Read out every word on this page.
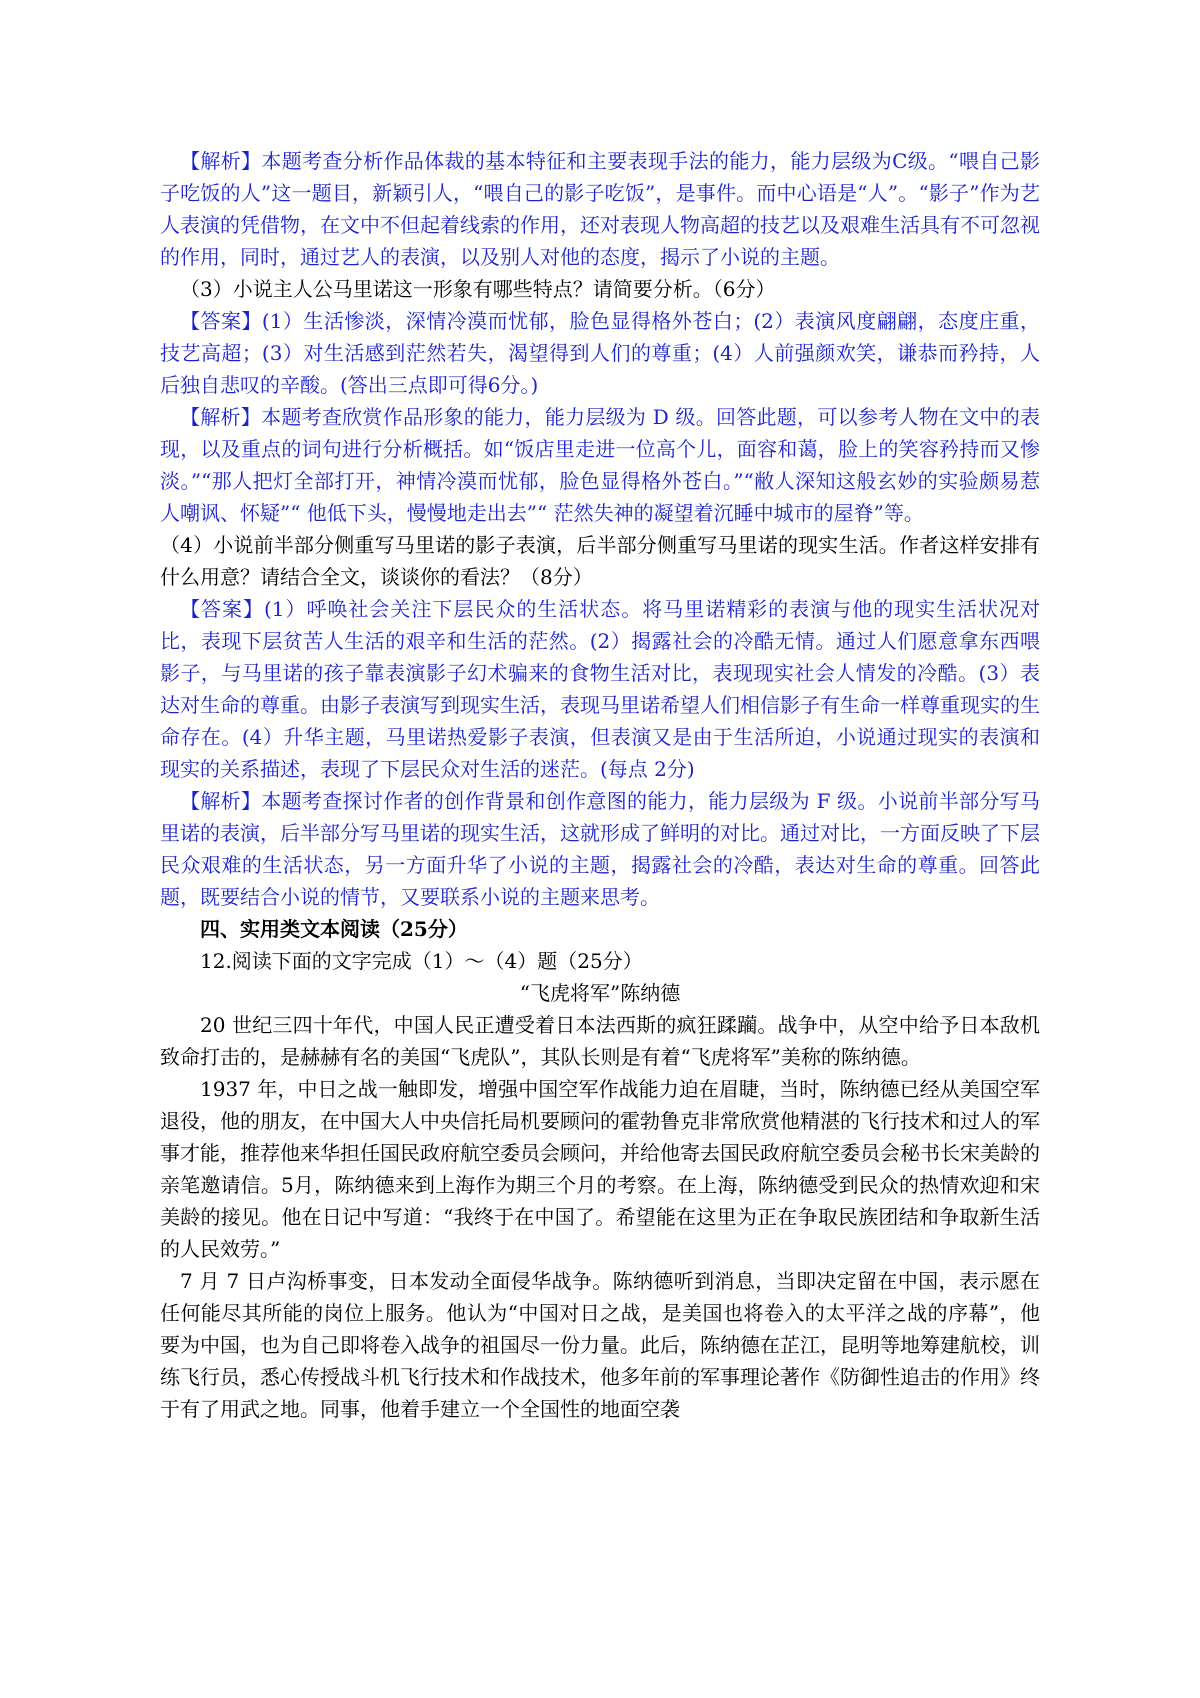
【解析】本题考查分析作品体裁的基本特征和主要表现手法的能力，能力层级为C级。“喂自己影子吃饭的人”这一题目，新颖引人，“喂自己的影子吃饭”，是事件。而中心语是“人”。“影子”作为艺人表演的凭借物，在文中不但起着线索的作用，还对表现人物高超的技艺以及艰难生活具有不可忽视的作用，同时，通过艺人的表演，以及别人对他的态度，揭示了小说的主题。

（3）小说主人公马里诺这一形象有哪些特点？请简要分析。（6分）

【答案】(1）生活惨淡，深情冷漠而忧郁，脸色显得格外苍白；(2）表演风度翩翩，态度庄重，技艺高超；(3）对生活感到茫然若失，渴望得到人们的尊重；(4）人前强颜欢笑，谦恭而矜持，人后独自悲叹的辛酸。(答出三点即可得6分。)

【解析】本题考查欣赏作品形象的能力，能力层级为 D 级。回答此题，可以参考人物在文中的表现，以及重点的词句进行分析概括。如“饭店里走进一位高个儿，面容和蔼，脸上的笑容矜持而又惨淡。”“那人把灯全部打开，神情冷漠而忧郁，脸色显得格外苍白。”“敝人深知这般玄妙的实验颇易惹人嘲讽、怀疑”“ 他低下头，慢慢地走出去”“ 茫然失神的凝望着沉睡中城市的屋脊”等。

（4）小说前半部分侧重写马里诺的影子表演，后半部分侧重写马里诺的现实生活。作者这样安排有什么用意？请结合全文，谈谈你的看法？（8分）

【答案】(1）呼唤社会关注下层民众的生活状态。将马里诺精彩的表演与他的现实生活状况对比，表现下层贫苦人生活的艰辛和生活的茫然。(2）揭露社会的冷酷无情。通过人们愿意拿东西喂影子，与马里诺的孩子靠表演影子幻术骗来的食物生活对比，表现现实社会人情发的冷酷。(3）表达对生命的尊重。由影子表演写到现实生活，表现马里诺希望人们相信影子有生命一样尊重现实的生命存在。(4）升华主题，马里诺热爱影子表演，但表演又是由于生活所迫，小说通过现实的表演和现实的关系描述，表现了下层民众对生活的迷茫。(每点 2分)

【解析】本题考查探讨作者的创作背景和创作意图的能力，能力层级为 F 级。小说前半部分写马里诺的表演，后半部分写马里诺的现实生活，这就形成了鲜明的对比。通过对比，一方面反映了下层民众艰难的生活状态，另一方面升华了小说的主题，揭露社会的冷酷，表达对生命的尊重。回答此题，既要结合小说的情节，又要联系小说的主题来思考。

四、实用类文本阅读（25分）

12.阅读下面的文字完成（1）～（4）题（25分）

“飞虎将军”陈纳德

20 世纪三四十年代，中国人民正遭受着日本法西斯的疯狂蹂躏。战争中，从空中给予日本敌机致命打击的，是赫赫有名的美国“飞虎队”，其队长则是有着“飞虎将军”美称的陈纳德。

1937 年，中日之战一触即发，增强中国空军作战能力迫在眉睫，当时，陈纳德已经从美国空军退役，他的朋友，在中国大人中央信托局机要顾问的霍勃鲁克非常欣赏他精湛的飞行技术和过人的军事才能，推荐他来华担任国民政府航空委员会顾问，并给他寄去国民政府航空委员会秘书长宋美龄的亲笔邀请信。5月，陈纳德来到上海作为期三个月的考察。在上海，陈纳德受到民众的热情欢迎和宋美龄的接见。他在日记中写道：“我终于在中国了。希望能在这里为正在争取民族团结和争取新生活的人民效劳。”

7 月 7 日卢沟桥事变，日本发动全面侵华战争。陈纳德听到消息，当即决定留在中国，表示愿在任何能尽其所能的岗位上服务。他认为“中国对日之战，是美国也将卷入的太平洋之战的序幕”，他要为中国，也为自己即将卷入战争的祖国尽一份力量。此后，陈纳德在芷江，昆明等地筹建航校，训练飞行员，悉心传授战斗机飞行技术和作战技术，他多年前的军事理论著作《防御性追击的作用》终于有了用武之地。同事，他着手建立一个全国性的地面空袭
